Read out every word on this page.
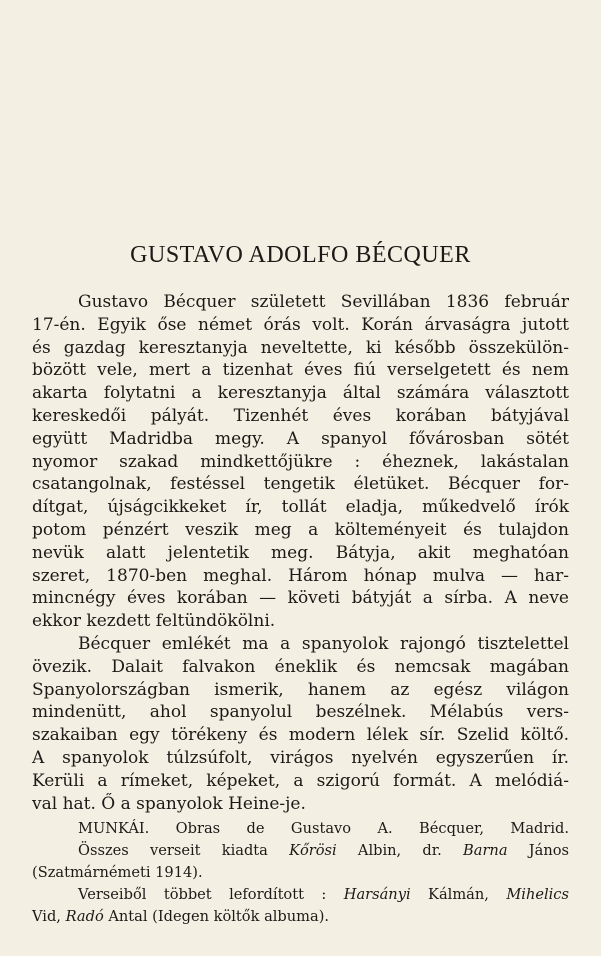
GUSTAVO ADOLFO BÉCQUER
Gustavo Bécquer született Sevillában 1836 február
17-én. Egyik őse német órás volt. Korán árvaságra jutott
és gazdag keresztanyja neveltette, ki később összekülön-
bözött vele, mert a tizenhat éves fiú verselgetett és nem
akarta folytatni a keresztanyja által számára választott
kereskedői pályát. Tizenhét éves korában bátyjával
együtt Madridba megy. A spanyol fővárosban sötét
nyomor szakad mindkettőjükre : éheznek, lakástalan
csatangolnak, festéssel tengetik életüket. Bécquer for-
dítgat, újságcikkeket ír, tollát eladja, műkedvelő írók
potom pénzért veszik meg a költeményeit és tulajdon
nevük alatt jelentetik meg. Bátyja, akit meghatóan
szeret, 1870-ben meghal. Három hónap mulva — har-
mincnégy éves korában — követi bátyját a sírba. A neve
ekkor kezdett feltündökölni.
Bécquer emlékét ma a spanyolok rajongó tisztelettel
övezik. Dalait falvakon éneklik és nemcsak magában
Spanyolországban ismerik, hanem az egész világon
mindenütt, ahol spanyolul beszélnek. Mélabús vers-
szakaiban egy törékeny és modern lélek sír. Szelid költő.
A spanyolok túlzsúfolt, virágos nyelvén egyszerűen ír.
Kerüli a rímeket, képeket, a szigorú formát. A melódiá-
val hat. Ő a spanyolok Heine-je.
MUNKÁI. Obras de Gustavo A. Bécquer, Madrid.
Összes verseit kiadta Kőrösi Albin, dr. Barna János
(Szatmárnémeti 1914).
Verseiből többet lefordított : Harsányi Kálmán, Mihelics
Vid, Radó Antal (Idegen költők albuma).
